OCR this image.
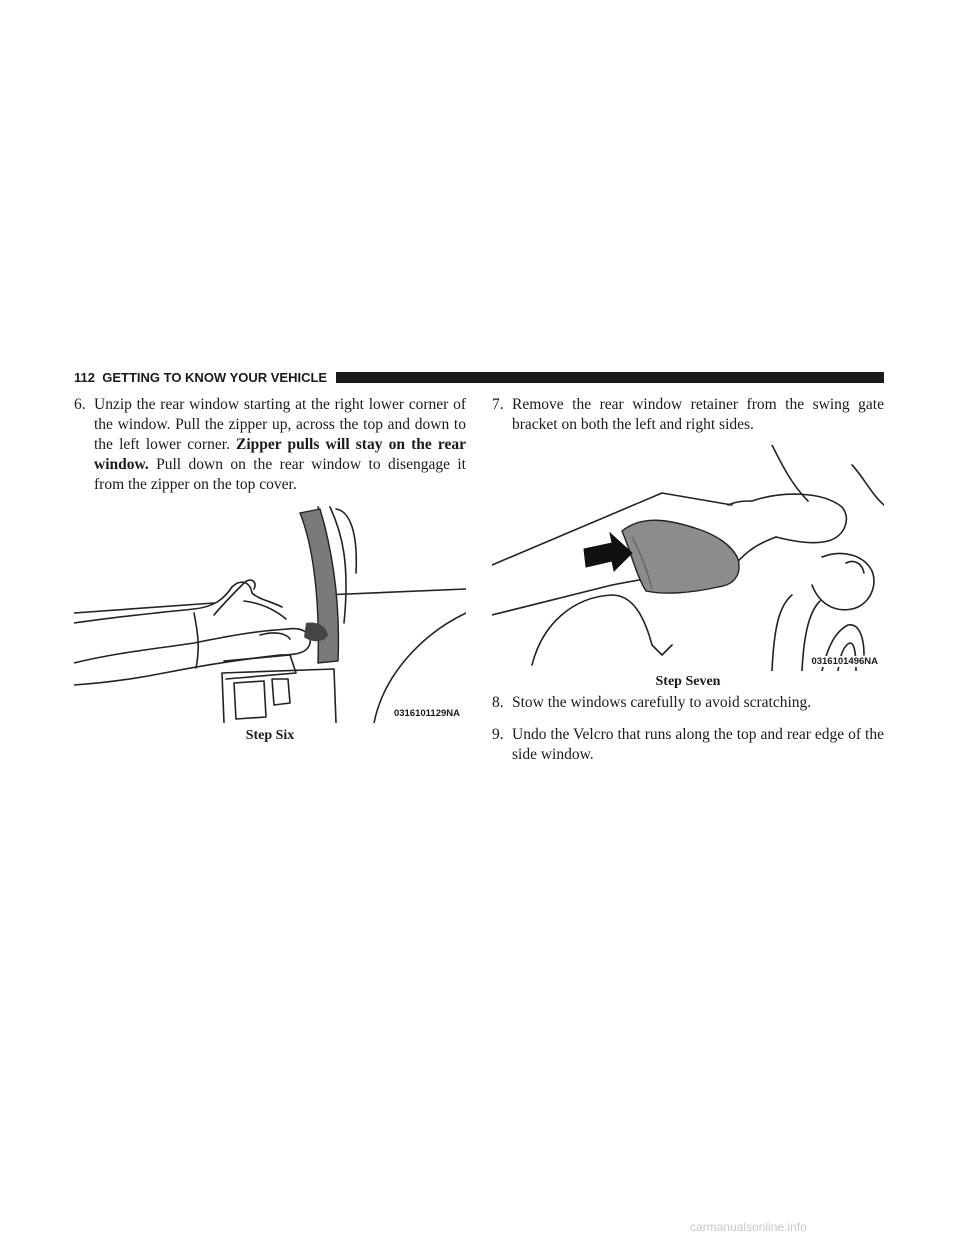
112 GETTING TO KNOW YOUR VEHICLE
6. Unzip the rear window starting at the right lower corner of the window. Pull the zipper up, across the top and down to the left lower corner. Zipper pulls will stay on the rear window. Pull down on the rear window to disengage it from the zipper on the top cover.
0316101129NA
Step Six
7. Remove the rear window retainer from the swing gate bracket on both the left and right sides.
0316101496NA
Step Seven
8. Stow the windows carefully to avoid scratching.
9. Undo the Velcro that runs along the top and rear edge of the side window.
carmanualsonline.info
